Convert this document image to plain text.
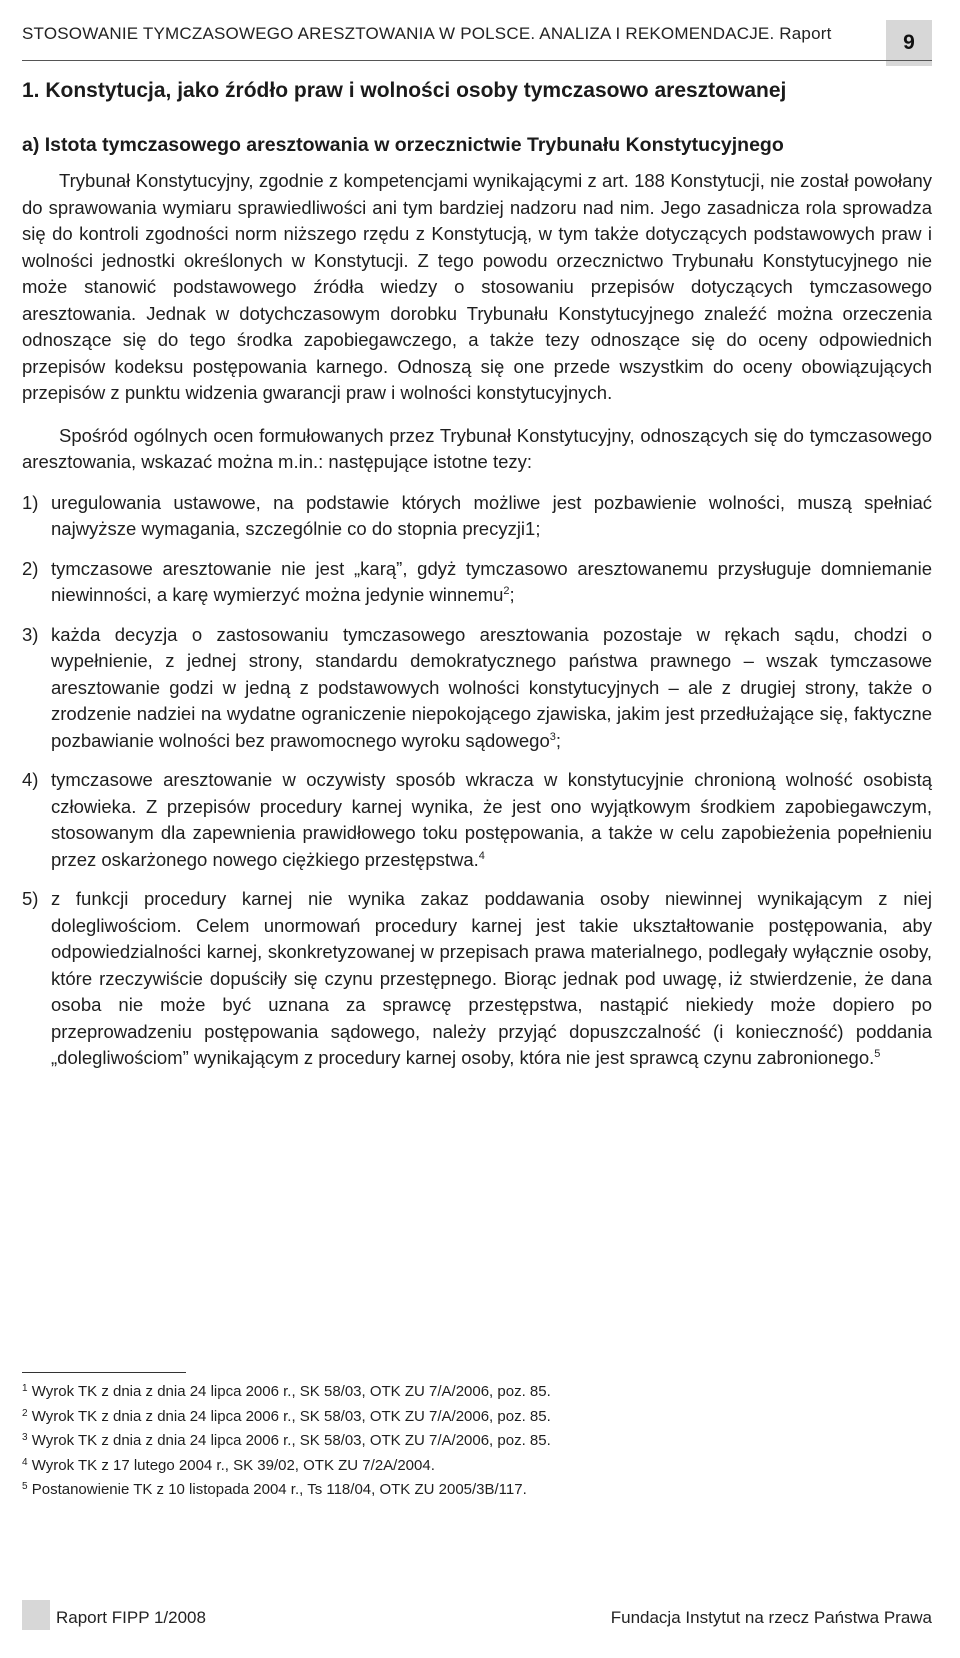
STOSOWANIE TYMCZASOWEGO ARESZTOWANIA W POLSCE. ANALIZA I REKOMENDACJE. Raport	9
1. Konstytucja, jako źródło praw i wolności osoby tymczasowo aresztowanej
a) Istota tymczasowego aresztowania w orzecznictwie Trybunału Konstytucyjnego

Trybunał Konstytucyjny, zgodnie z kompetencjami wynikającymi z art. 188 Konstytucji, nie został powołany do sprawowania wymiaru sprawiedliwości ani tym bardziej nadzoru nad nim. Jego zasadnicza rola sprowadza się do kontroli zgodności norm niższego rzędu z Konstytucją, w tym także dotyczących podstawowych praw i wolności jednostki określonych w Konstytucji. Z tego powodu orzecznictwo Trybunału Konstytucyjnego nie może stanowić podstawowego źródła wiedzy o stosowaniu przepisów dotyczących tymczasowego aresztowania. Jednak w dotychczasowym dorobku Trybunału Konstytucyjnego znaleźć można orzeczenia odnoszące się do tego środka zapobiegawczego, a także tezy odnoszące się do oceny odpowiednich przepisów kodeksu postępowania karnego. Odnoszą się one przede wszystkim do oceny obowiązujących przepisów z punktu widzenia gwarancji praw i wolności konstytucyjnych.

Spośród ogólnych ocen formułowanych przez Trybunał Konstytucyjny, odnoszących się do tymczasowego aresztowania, wskazać można m.in.: następujące istotne tezy:

1) uregulowania ustawowe, na podstawie których możliwe jest pozbawienie wolności, muszą spełniać najwyższe wymagania, szczególnie co do stopnia precyzji1;
2) tymczasowe aresztowanie nie jest „karą”, gdyż tymczasowo aresztowanemu przysługuje domniemanie niewinności, a karę wymierzyć można jedynie winnemu$^2$;
3) każda decyzja o zastosowaniu tymczasowego aresztowania pozostaje w rękach sądu, chodzi o wypełnienie, z jednej strony, standardu demokratycznego państwa prawnego – wszak tymczasowe aresztowanie godzi w jedną z podstawowych wolności konstytucyjnych – ale z drugiej strony, także o zrodzenie nadziei na wydatne ograniczenie niepokojącego zjawiska, jakim jest przedłużające się, faktyczne pozbawianie wolności bez prawomocnego wyroku sądowego$^3$;
4) tymczasowe aresztowanie w oczywisty sposób wkracza w konstytucyjnie chronioną wolność osobistą człowieka. Z przepisów procedury karnej wynika, że jest ono wyjątkowym środkiem zapobiegawczym, stosowanym dla zapewnienia prawidłowego toku postępowania, a także w celu zapobieżenia popełnieniu przez oskarżonego nowego ciężkiego przestępstwa.$^4$
5) z funkcji procedury karnej nie wynika zakaz poddawania osoby niewinnej wynikającym z niej dolegliwościom. Celem unormowań procedury karnej jest takie ukształtowanie postępowania, aby odpowiedzialności karnej, skonkretyzowanej w przepisach prawa materialnego, podlegały wyłącznie osoby, które rzeczywiście dopuściły się czynu przestępnego. Biorąc jednak pod uwagę, iż stwierdzenie, że dana osoba nie może być uznana za sprawcę przestępstwa, nastąpić niekiedy może dopiero po przeprowadzeniu postępowania sądowego, należy przyjąć dopuszczalność (i konieczność) poddania „dolegliwościom” wynikającym z procedury karnej osoby, która nie jest sprawcą czynu zabronionego.$^5$
$^1$ Wyrok TK z dnia z dnia 24 lipca 2006 r., SK 58/03, OTK ZU 7/A/2006, poz. 85.
$^2$ Wyrok TK z dnia z dnia 24 lipca 2006 r., SK 58/03, OTK ZU 7/A/2006, poz. 85.
$^3$ Wyrok TK z dnia z dnia 24 lipca 2006 r., SK 58/03, OTK ZU 7/A/2006, poz. 85.
$^4$ Wyrok TK z 17 lutego 2004 r., SK 39/02, OTK ZU 7/2A/2004.
$^5$ Postanowienie TK z 10 listopada 2004 r., Ts 118/04, OTK ZU 2005/3B/117.
Raport FIPP 1/2008	Fundacja Instytut na rzecz Państwa Prawa
